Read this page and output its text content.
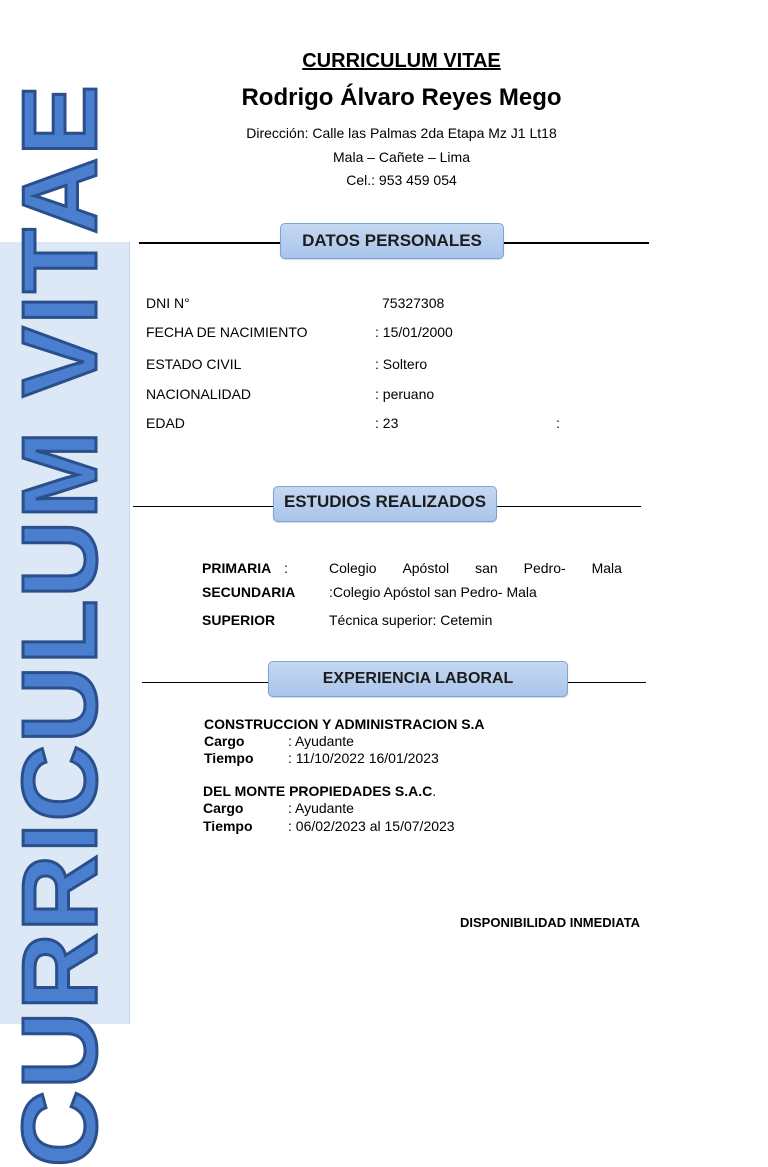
CURRICULUM VITAE
CURRICULUM VITAE
Rodrigo Álvaro Reyes Mego
Dirección: Calle las Palmas 2da Etapa Mz J1 Lt18
Mala – Cañete – Lima
Cel.: 953 459 054
DATOS PERSONALES
DNI N°	75327308
FECHA DE NACIMIENTO	: 15/01/2000
ESTADO CIVIL	: Soltero
NACIONALIDAD	: peruano
EDAD	: 23	:
ESTUDIOS REALIZADOS
PRIMARIA :	Colegio Apóstol san Pedro- Mala
SECUNDARIA :Colegio Apóstol san Pedro- Mala
SUPERIOR	Técnica superior: Cetemin
EXPERIENCIA LABORAL
CONSTRUCCION Y ADMINISTRACION S.A
Cargo	: Ayudante
Tiempo : 11/10/2022 16/01/2023
DEL MONTE PROPIEDADES S.A.C.
Cargo	: Ayudante
Tiempo	: 06/02/2023 al 15/07/2023
DISPONIBILIDAD INMEDIATA
